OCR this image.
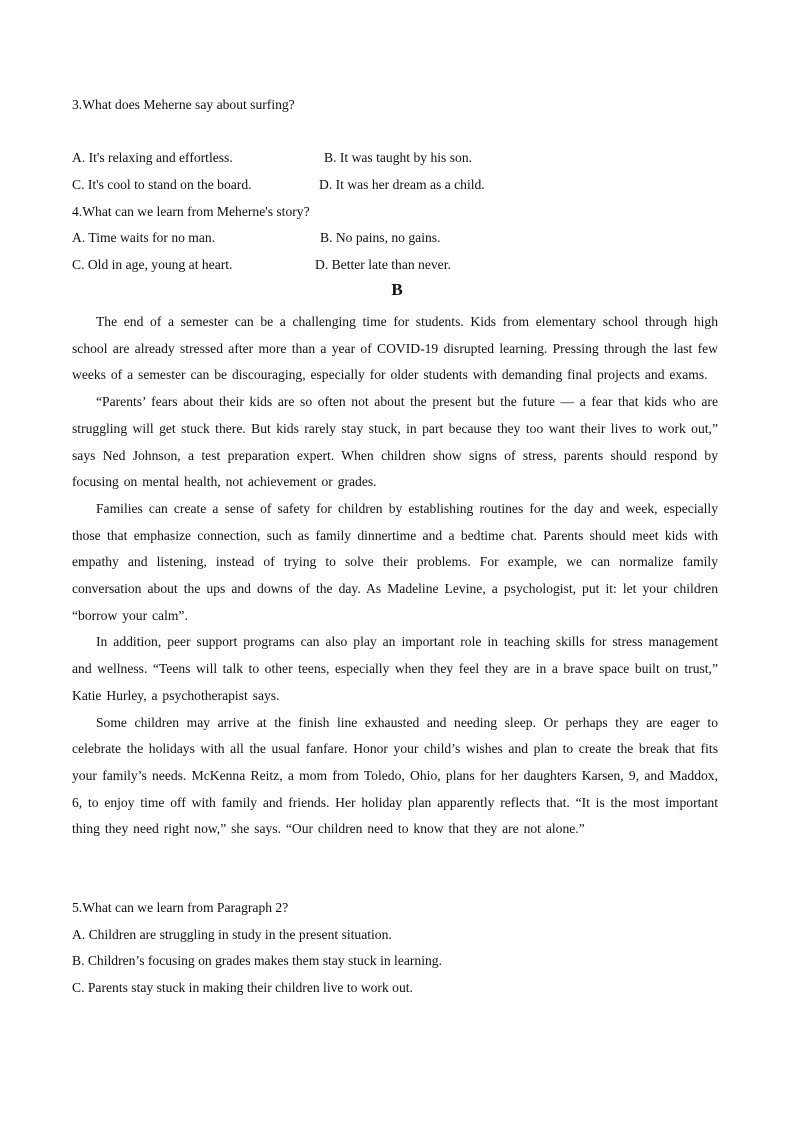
3.What does Meherne say about surfing?
A. It's relaxing and effortless.	B. It was taught by his son.
C. It's cool to stand on the board.	D. It was her dream as a child.
4.What can we learn from Meherne's story?
A. Time waits for no man.	B. No pains, no gains.
C. Old in age, young at heart.	D. Better late than never.
B

The end of a semester can be a challenging time for students. Kids from elementary school through high school are already stressed after more than a year of COVID-19 disrupted learning. Pressing through the last few weeks of a semester can be discouraging, especially for older students with demanding final projects and exams.

“Parents’ fears about their kids are so often not about the present but the future — a fear that kids who are struggling will get stuck there. But kids rarely stay stuck, in part because they too want their lives to work out,” says Ned Johnson, a test preparation expert. When children show signs of stress, parents should respond by focusing on mental health, not achievement or grades.

Families can create a sense of safety for children by establishing routines for the day and week, especially those that emphasize connection, such as family dinnertime and a bedtime chat. Parents should meet kids with empathy and listening, instead of trying to solve their problems. For example, we can normalize family conversation about the ups and downs of the day. As Madeline Levine, a psychologist, put it: let your children “borrow your calm”.

In addition, peer support programs can also play an important role in teaching skills for stress management and wellness. “Teens will talk to other teens, especially when they feel they are in a brave space built on trust,” Katie Hurley, a psychotherapist says.

Some children may arrive at the finish line exhausted and needing sleep. Or perhaps they are eager to celebrate the holidays with all the usual fanfare. Honor your child’s wishes and plan to create the break that fits your family’s needs. McKenna Reitz, a mom from Toledo, Ohio, plans for her daughters Karsen, 9, and Maddox, 6, to enjoy time off with family and friends. Her holiday plan apparently reflects that. “It is the most important thing they need right now,” she says. “Our children need to know that they are not alone.”

5.What can we learn from Paragraph 2?
A. Children are struggling in study in the present situation.
B. Children’s focusing on grades makes them stay stuck in learning.
C. Parents stay stuck in making their children live to work out.
